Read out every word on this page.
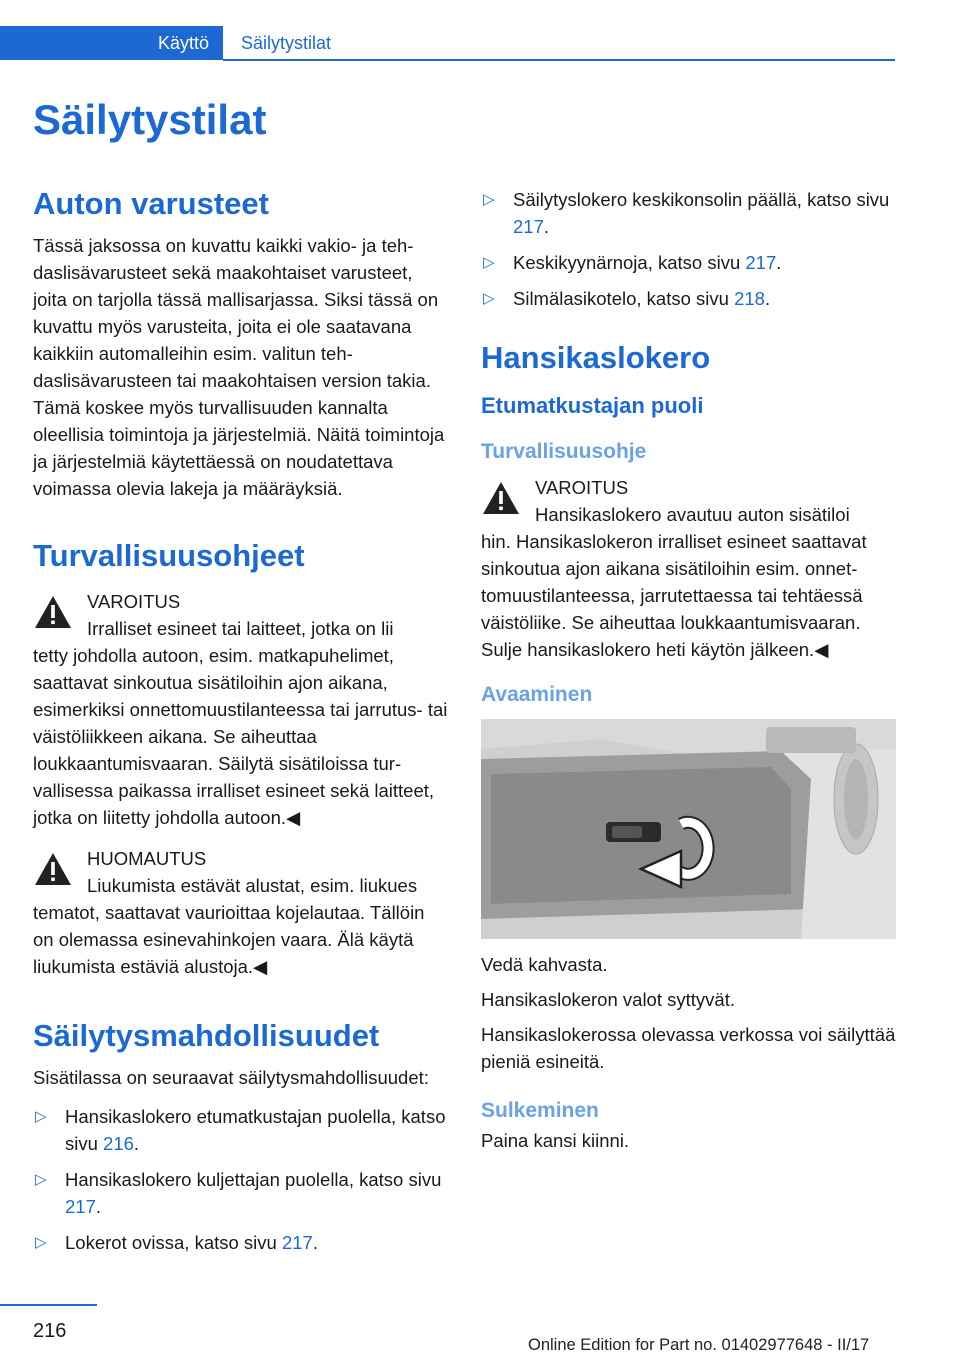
Käyttö	Säilytystilat
Säilytystilat
Auton varusteet

Tässä jaksossa on kuvattu kaikki vakio- ja tehdaslisävarusteet sekä maakohtaiset varusteet, joita on tarjolla tässä mallisarjassa. Siksi tässä on kuvattu myös varusteita, joita ei ole saatavana kaikkiin automalleihin esim. valitun tehdaslisävarusteen tai maakohtaisen version takia. Tämä koskee myös turvallisuuden kannalta oleellisia toimintoja ja järjestelmiä. Näitä toimintoja ja järjestelmiä käytettäessä on noudatettava voimassa olevia lakeja ja määräyksiä.

Turvallisuusohjeet
VAROITUS
Irralliset esineet tai laitteet, jotka on lii

tetty johdolla autoon, esim. matkapuhelimet, saattavat sinkoutua sisätiloihin ajon aikana, esimerkiksi onnettomuustilanteessa tai jarrutus- tai väistöliikkeen aikana. Se aiheuttaa loukkaantumisvaaran. Säilytä sisätiloissa turvallisessa paikassa irralliset esineet sekä laitteet, jotka on liitetty johdolla autoon.◀

HUOMAUTUS
Liukumista estävät alustat, esim. liukues

tematot, saattavat vaurioittaa kojelautaa. Tällöin on olemassa esinevahinkojen vaara. Älä käytä liukumista estäviä alustoja.◀

Säilytysmahdollisuudet

Sisätilassa on seuraavat säilytysmahdollisuudet:

▷ Hansikaslokero etumatkustajan puolella, katso sivu 216.
▷ Hansikaslokero kuljettajan puolella, katso sivu 217.
▷ Lokerot ovissa, katso sivu 217.
▷ Säilytyslokero keskikonsolin päällä, katso sivu 217.
▷ Keskikyynärnoja, katso sivu 217.
▷ Silmälasikotelo, katso sivu 218.
Hansikaslokero
Etumatkustajan puoli
Turvallisuusohje
VAROITUS
Hansikaslokero avautuu auton sisätiloi

hin. Hansikaslokeron irralliset esineet saattavat sinkoutua ajon aikana sisätiloihin esim. onnettomuustilanteessa, jarrutettaessa tai tehtäessä väistöliike. Se aiheuttaa loukkaantumisvaaran. Sulje hansikaslokero heti käytön jälkeen.◀

Avaaminen

Vedä kahvasta.

Hansikaslokeron valot syttyvät.

Hansikaslokerossa olevassa verkossa voi säilyttää pieniä esineitä.

Sulkeminen

Paina kansi kiinni.

216
Online Edition for Part no. 01402977648 - II/17
